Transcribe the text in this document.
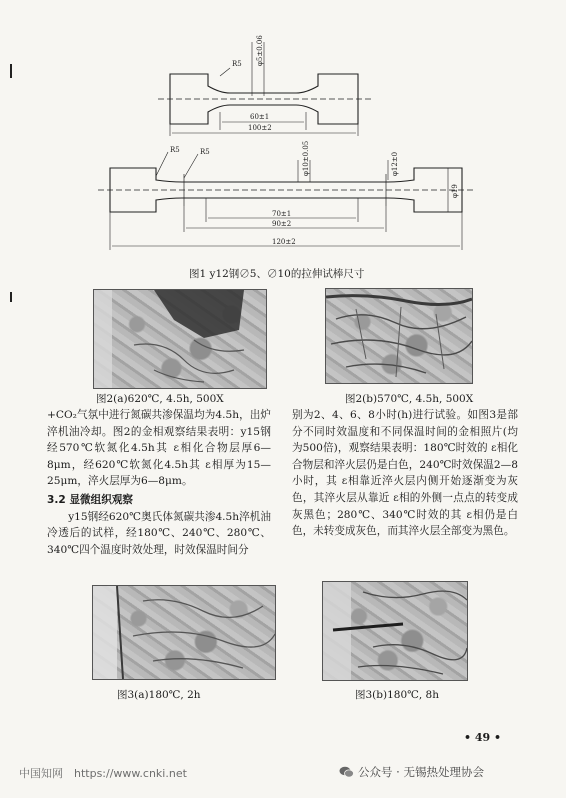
R5 φ5±0.06
60±1
100±2
R5	R5	φ10±0.05	φ12±0
φ19
70±1
90±2
120±2
图1 y12钢∅5、∅10的拉伸试棒尺寸
图2(a)620℃, 4.5h, 500X	图2(b)570℃, 4.5h, 500X

+CO₂气氛中进行氮碳共渗保温均为4.5h，出炉淬机油冷却。图2的金相观察结果表明：y15钢经570℃软氮化4.5h其 ε相化合物层厚6—8μm，经620℃软氮化4.5h其 ε相厚为15—25μm，淬火层厚为6—8μm。

3.2 显微组织观察

y15钢经620℃奥氏体氮碳共渗4.5h淬机油冷透后的试样，经180℃、240℃、280℃、340℃四个温度时效处理，时效保温时间分

别为2、4、6、8小时(h)进行试验。如图3是部分不同时效温度和不同保温时间的金相照片(均为500倍)，观察结果表明：180℃时效的 ε相化合物层和淬火层仍是白色，240℃时效保温2—8小时，其 ε相靠近淬火层内侧开始逐渐变为灰色，其淬火层从靠近 ε相的外侧一点点的转变成灰黑色；280℃、340℃时效的其 ε相仍是白色，未转变成灰色，而其淬火层全部变为黑色。

图3(a)180℃, 2h	图3(b)180℃, 8h
• 49 •
中国知网　https://www.cnki.net	公众号 · 无锡热处理协会
